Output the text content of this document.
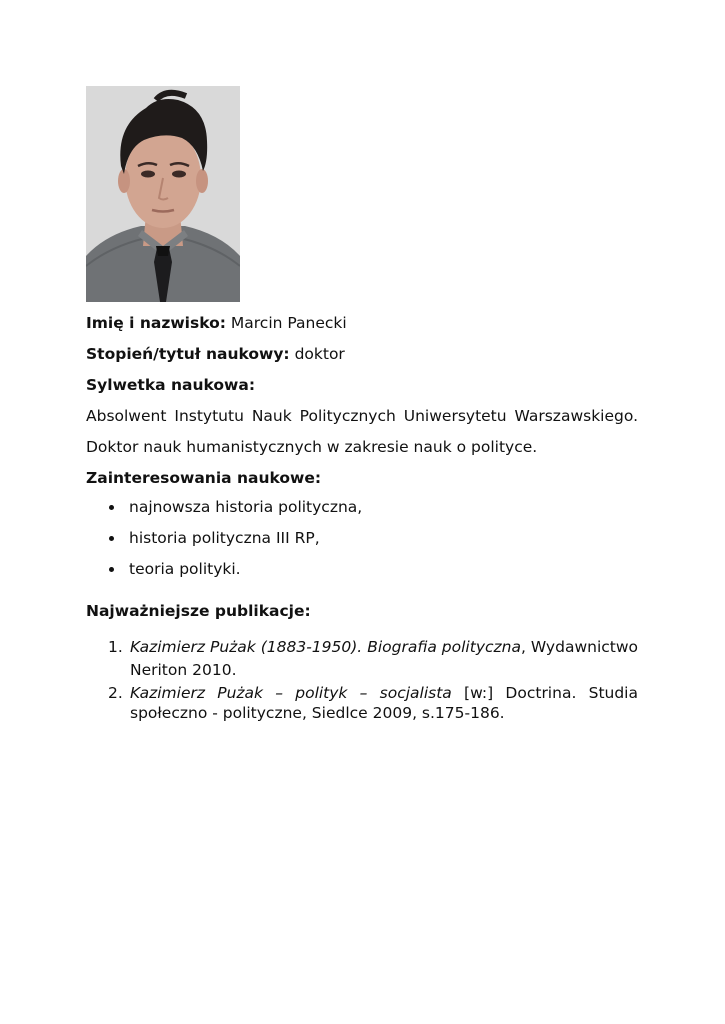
Imię i nazwisko: Marcin Panecki
Stopień/tytuł naukowy: doktor
Sylwetka naukowa:
Absolwent Instytutu Nauk Politycznych Uniwersytetu Warszawskiego.
Doktor nauk humanistycznych w zakresie nauk o polityce.
Zainteresowania naukowe:
najnowsza historia polityczna,
historia polityczna III RP,
teoria polityki.
Najważniejsze publikacje:
1. Kazimierz Pużak (1883-1950). Biografia polityczna, Wydawnictwo
Neriton 2010.
2. Kazimierz Pużak – polityk – socjalista [w:] Doctrina. Studia
społeczno - polityczne, Siedlce 2009, s.175-186.
